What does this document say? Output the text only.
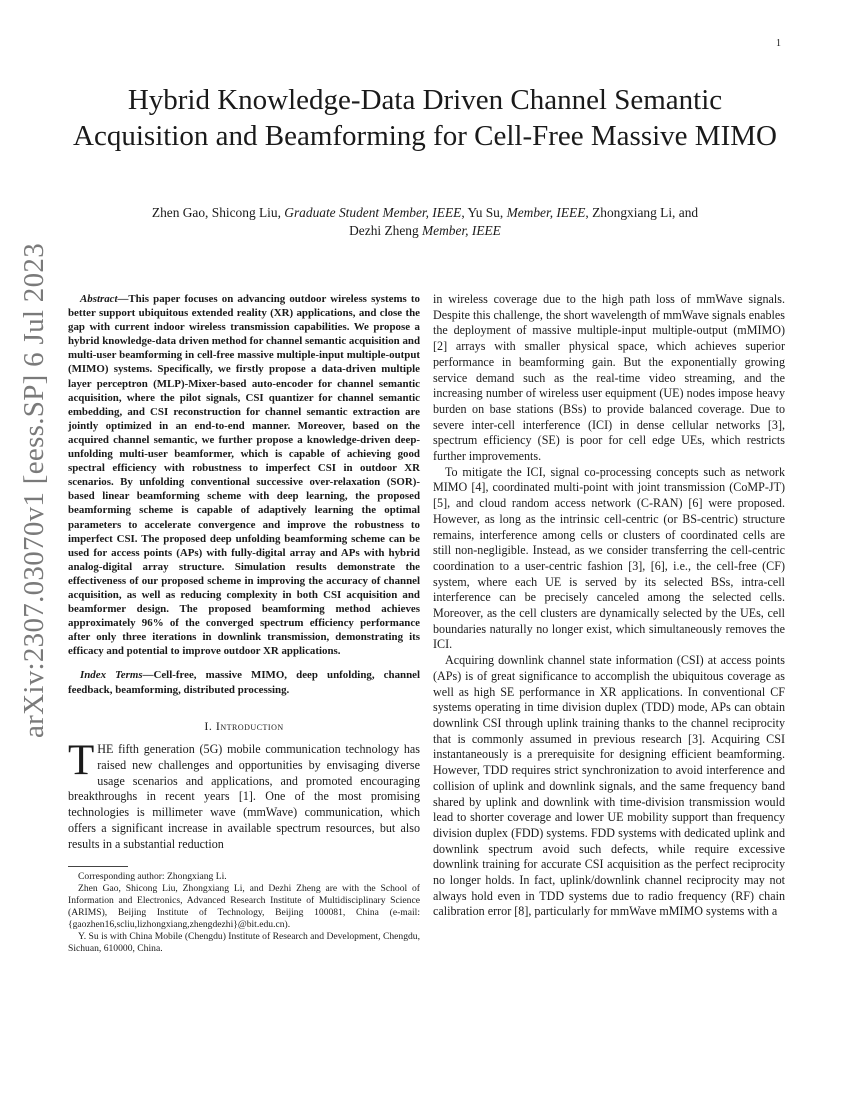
1
arXiv:2307.03070v1 [eess.SP] 6 Jul 2023
Hybrid Knowledge-Data Driven Channel Semantic Acquisition and Beamforming for Cell-Free Massive MIMO
Zhen Gao, Shicong Liu, Graduate Student Member, IEEE, Yu Su, Member, IEEE, Zhongxiang Li, and
Dezhi Zheng Member, IEEE

Abstract—This paper focuses on advancing outdoor wireless systems to better support ubiquitous extended reality (XR) applications, and close the gap with current indoor wireless transmission capabilities. We propose a hybrid knowledge-data driven method for channel semantic acquisition and multi-user beamforming in cell-free massive multiple-input multiple-output (MIMO) systems. Specifically, we firstly propose a data-driven multiple layer perceptron (MLP)-Mixer-based auto-encoder for channel semantic acquisition, where the pilot signals, CSI quantizer for channel semantic embedding, and CSI reconstruction for channel semantic extraction are jointly optimized in an end-to-end manner. Moreover, based on the acquired channel semantic, we further propose a knowledge-driven deep-unfolding multi-user beamformer, which is capable of achieving good spectral efficiency with robustness to imperfect CSI in outdoor XR scenarios. By unfolding conventional successive over-relaxation (SOR)-based linear beamforming scheme with deep learning, the proposed beamforming scheme is capable of adaptively learning the optimal parameters to accelerate convergence and improve the robustness to imperfect CSI. The proposed deep unfolding beamforming scheme can be used for access points (APs) with fully-digital array and APs with hybrid analog-digital array structure. Simulation results demonstrate the effectiveness of our proposed scheme in improving the accuracy of channel acquisition, as well as reducing complexity in both CSI acquisition and beamformer design. The proposed beamforming method achieves approximately 96% of the converged spectrum efficiency performance after only three iterations in downlink transmission, demonstrating its efficacy and potential to improve outdoor XR applications.

Index Terms—Cell-free, massive MIMO, deep unfolding, channel feedback, beamforming, distributed processing.

I. Introduction

THE fifth generation (5G) mobile communication technology has raised new challenges and opportunities by envisaging diverse usage scenarios and applications, and promoted encouraging breakthroughs in recent years [1]. One of the most promising technologies is millimeter wave (mmWave) communication, which offers a significant increase in available spectrum resources, but also results in a substantial reduction

Corresponding author: Zhongxiang Li.

Zhen Gao, Shicong Liu, Zhongxiang Li, and Dezhi Zheng are with the School of Information and Electronics, Advanced Research Institute of Multidisciplinary Science (ARIMS), Beijing Institute of Technology, Beijing 100081, China (e-mail: {gaozhen16,scliu,lizhongxiang,zhengdezhi}@bit.edu.cn).

Y. Su is with China Mobile (Chengdu) Institute of Research and Development, Chengdu, Sichuan, 610000, China.

in wireless coverage due to the high path loss of mmWave signals. Despite this challenge, the short wavelength of mmWave signals enables the deployment of massive multiple-input multiple-output (mMIMO) [2] arrays with smaller physical space, which achieves superior performance in beamforming gain. But the exponentially growing service demand such as the real-time video streaming, and the increasing number of wireless user equipment (UE) nodes impose heavy burden on base stations (BSs) to provide balanced coverage. Due to severe inter-cell interference (ICI) in dense cellular networks [3], spectrum efficiency (SE) is poor for cell edge UEs, which restricts further improvements.

To mitigate the ICI, signal co-processing concepts such as network MIMO [4], coordinated multi-point with joint transmission (CoMP-JT) [5], and cloud random access network (C-RAN) [6] were proposed. However, as long as the intrinsic cell-centric (or BS-centric) structure remains, interference among cells or clusters of coordinated cells are still non-negligible. Instead, as we consider transferring the cell-centric coordination to a user-centric fashion [3], [6], i.e., the cell-free (CF) system, where each UE is served by its selected BSs, intra-cell interference can be precisely canceled among the selected cells. Moreover, as the cell clusters are dynamically selected by the UEs, cell boundaries naturally no longer exist, which simultaneously removes the ICI.

Acquiring downlink channel state information (CSI) at access points (APs) is of great significance to accomplish the ubiquitous coverage as well as high SE performance in XR applications. In conventional CF systems operating in time division duplex (TDD) mode, APs can obtain downlink CSI through uplink training thanks to the channel reciprocity that is commonly assumed in previous research [3]. Acquiring CSI instantaneously is a prerequisite for designing efficient beamforming. However, TDD requires strict synchronization to avoid interference and collision of uplink and downlink signals, and the same frequency band shared by uplink and downlink with time-division transmission would lead to shorter coverage and lower UE mobility support than frequency division duplex (FDD) systems. FDD systems with dedicated uplink and downlink spectrum avoid such defects, while require excessive downlink training for accurate CSI acquisition as the perfect reciprocity no longer holds. In fact, uplink/downlink channel reciprocity may not always hold even in TDD systems due to radio frequency (RF) chain calibration error [8], particularly for mmWave mMIMO systems with a
